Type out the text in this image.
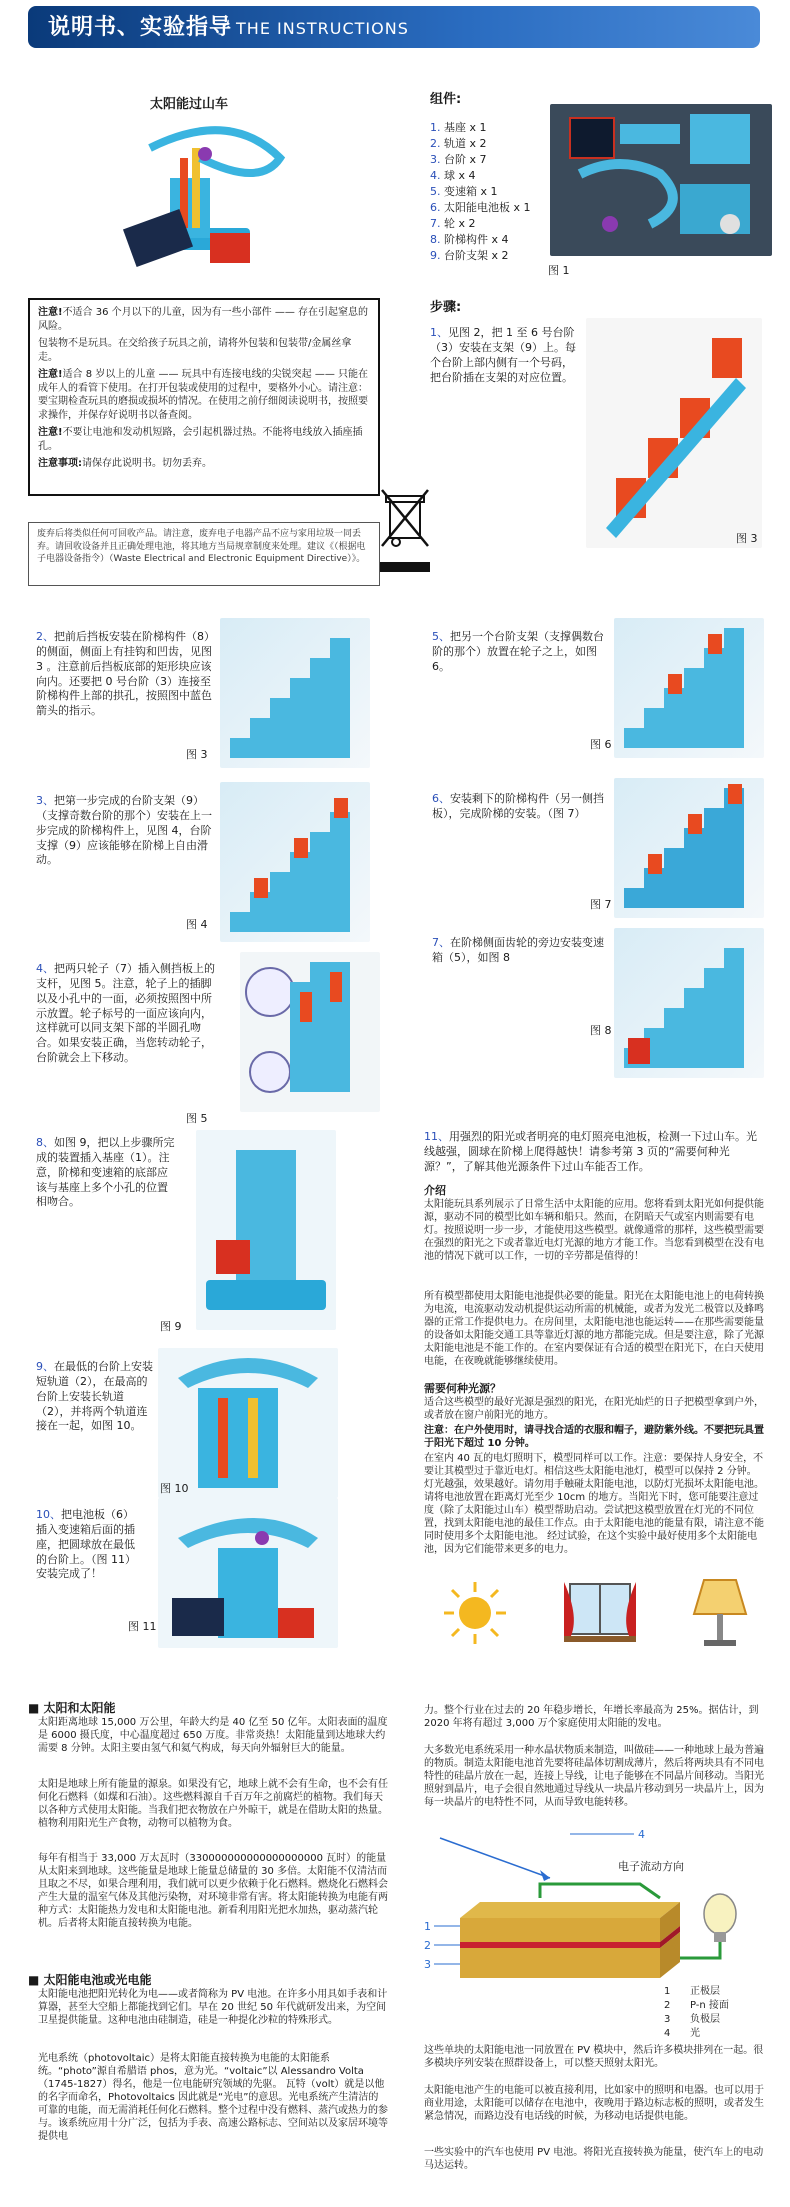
说明书、实验指导 THE INSTRUCTIONS
太阳能过山车

注意!不适合 36 个月以下的儿童，因为有一些小部件 —— 存在引起窒息的风险。

包装物不是玩具。在交给孩子玩具之前，请将外包装和包装带/金属丝拿走。

注意!适合 8 岁以上的儿童 —— 玩具中有连接电线的尖锐突起 —— 只能在成年人的看管下使用。在打开包装或使用的过程中，要格外小心。请注意：要宝期检查玩具的磨损或损坏的情况。在使用之前仔细阅读说明书，按照要求操作，并保存好说明书以备查阅。

注意!不要让电池和发动机短路，会引起机器过热。不能将电线放入插座插孔。

注意事项:请保存此说明书。切勿丢弃。

废弃后将类似任何可回收产品。请注意，废弃电子电器产品不应与家用垃圾一同丢弃。请回收设备并且正确处理电池，将其地方当局规章制度来处理。建议《（根据电子电器设备指令）（Waste Electrical and Electronic Equipment Directive）》。
组件:
1. 基座 x 1
2. 轨道 x 2
3. 台阶 x 7
4. 球 x 4
5. 变速箱 x 1
6. 太阳能电池板 x 1
7. 轮 x 2
8. 阶梯构件 x 4
9. 台阶支架 x 2
图 1
步骤:
1、见图 2，把 1 至 6 号台阶（3）安装在支架（9）上。每个台阶上部内侧有一个号码，把台阶插在支架的对应位置。
图 3
2、把前后挡板安装在阶梯构件（8）的侧面，侧面上有挂钩和凹齿，见图 3 。注意前后挡板底部的矩形块应该向内。还要把 0 号台阶（3）连接至阶梯构件上部的拱孔，按照图中蓝色箭头的指示。
图 3
3、把第一步完成的台阶支架（9）（支撑奇数台阶的那个）安装在上一步完成的阶梯构件上，见图 4，台阶支撑（9）应该能够在阶梯上自由滑动。
图 4
4、把两只轮子（7）插入侧挡板上的支杆，见图 5。注意，轮子上的插脚以及小孔中的一面，必须按照图中所示放置。轮子标号的一面应该向内，这样就可以同支架下部的半圆孔吻合。如果安装正确，当您转动轮子，台阶就会上下移动。
图 5
5、把另一个台阶支架（支撑偶数台阶的那个）放置在轮子之上，如图 6。
图 6
6、安装剩下的阶梯构件（另一侧挡板），完成阶梯的安装。（图 7）
图 7
7、在阶梯侧面齿轮的旁边安装变速箱（5），如图 8
图 8
8、如图 9，把以上步骤所完成的装置插入基座（1）。注意，阶梯和变速箱的底部应该与基座上多个小孔的位置相吻合。
图 9
9、在最低的台阶上安装短轨道（2），在最高的台阶上安装长轨道（2），并将两个轨道连接在一起，如图 10。
图 10
10、把电池板（6）插入变速箱后面的插座，把圆球放在最低的台阶上。（图 11）安装完成了！
图 11
11、用强烈的阳光或者明亮的电灯照亮电池板，检测一下过山车。光线越强，圆球在阶梯上爬得越快！请参考第 3 页的“需要何种光源？”，了解其他光源条件下过山车能否工作。
介绍
太阳能玩具系列展示了日常生活中太阳能的应用。您将看到太阳光如何提供能源，驱动不同的模型比如车辆和船只。然而，在阴暗天气或室内则需要有电灯。按照说明一步一步，才能使用这些模型。就像通常的那样，这些模型需要在强烈的阳光之下或者靠近电灯光源的地方才能工作。当您看到模型在没有电池的情况下就可以工作，一切的辛劳都是值得的！
所有模型都使用太阳能电池提供必要的能量。阳光在太阳能电池上的电荷转换为电流，电流驱动发动机提供运动所需的机械能，或者为发光二极管以及蜂鸣器的正常工作提供电力。在房间里，太阳能电池也能运转——在那些需要能量的设备如太阳能交通工具等靠近灯源的地方都能完成。但是要注意，除了光源太阳能电池是不能工作的。在室内要保证有合适的模型在阳光下，在白天使用电能，在夜晚就能够继续使用。
需要何种光源？
适合这些模型的最好光源是强烈的阳光，在阳光灿烂的日子把模型拿到户外，或者放在窗户前阳光的地方。
注意：在户外使用时，请寻找合适的衣服和帽子，避防紫外线。不要把玩具置于阳光下超过 10 分钟。
在室内 40 瓦的电灯照明下，模型同样可以工作。注意：要保持人身安全，不要让其模型过于靠近电灯。相信这些太阳能电池灯，模型可以保持 2 分钟。灯光越强，效果越好。请勿用手触碰太阳能电池，以防灯光损坏太阳能电池。请将电池放置在距离灯光至少 10cm 的地方。当阳光下时，您可能要注意过度（除了太阳能过山车）模型帮助启动。尝试把这模型放置在灯光的不同位置，找到太阳能电池的最佳工作点。由于太阳能电池的能量有限，请注意不能同时使用多个太阳能电池。 经过试验，在这个实验中最好使用多个太阳能电池，因为它们能带来更多的电力。
■ 太阳和太阳能
太阳距离地球 15,000 万公里，年龄大约是 40 亿至 50 亿年。太阳表面的温度是 6000 摄氏度，中心温度超过 650 万度。非常炎热！太阳能量到达地球大约需要 8 分钟。太阳主要由氢气和氦气构成，每天向外辐射巨大的能量。
太阳是地球上所有能量的源泉。如果没有它，地球上就不会有生命，也不会有任何化石燃料（如煤和石油）。这些燃料源自千百万年之前腐烂的植物。我们每天以各种方式使用太阳能。当我们把衣物放在户外晾干，就是在借助太阳的热量。植物利用阳光生产食物，动物可以植物为食。
每年有相当于 33,000 万太瓦时（330000000000000000000 瓦时）的能量从太阳来到地球。这些能量是地球上能量总储量的 30 多倍。太阳能不仅清洁而且取之不尽，如果合理利用，我们就可以更少依赖于化石燃料。燃烧化石燃料会产生大量的温室气体及其他污染物，对环境非常有害。将太阳能转换为电能有两种方式：太阳能热力发电和太阳能电池。新看利用阳光把水加热，驱动蒸汽轮机。后者将太阳能直接转换为电能。
■ 太阳能电池或光电能
太阳能电池把阳光转化为电——或者简称为 PV 电池。在许多小用具如手表和计算器，甚至大空船上都能找到它们。早在 20 世纪 50 年代就研发出来，为空间卫星提供能量。这种电池由硅制造，硅是一种提化沙粒的特殊形式。
光电系统（photovoltaic）是将太阳能直接转换为电能的太阳能系统。“photo”源自希腊语 phos，意为光。“voltaic”以 Alessandro Volta（1745-1827）得名，他是一位电能研究领域的先驱。 瓦特（volt）就是以他的名字而命名，Photovoltaics 因此就是“光电”的意思。光电系统产生清洁的可靠的电能，而无需消耗任何化石燃料。整个过程中没有燃料、蒸汽或热力的参与。该系统应用十分广泛，包括为手表、高速公路标志、空间站以及家居环境等提供电
力。整个行业在过去的 20 年稳步增长，年增长率最高为 25%。据估计，到 2020 年将有超过 3,000 万个家庭使用太阳能的发电。
大多数光电系统采用一种水晶状物质来制造，叫做硅——一种地球上最为普遍的物质。制造太阳能电池首先要将硅晶体切割成薄片，然后将两块具有不同电特性的硅晶片放在一起，连接上导线，让电子能够在不同晶片间移动。当阳光照射到晶片，电子会很自然地通过导线从一块晶片移动到另一块晶片上，因为每一块晶片的电特性不同，从而导致电能转移。
4
电子流动方向
1
2
3
1 正极层
2 P-n 接面
3 负极层
4 光
这些单块的太阳能电池一同放置在 PV 模块中，然后许多模块排列在一起。很多模块序列安装在照群设备上，可以整天照射太阳光。
太阳能电池产生的电能可以被直接利用，比如家中的照明和电器。也可以用于商业用途，太阳能可以储存在电池中，夜晚用于路边标志板的照明，或者发生紧急情况，而路边没有电话线的时候，为移动电话提供电能。
一些实验中的汽车也使用 PV 电池。将阳光直接转换为能量，使汽车上的电动马达运转。
